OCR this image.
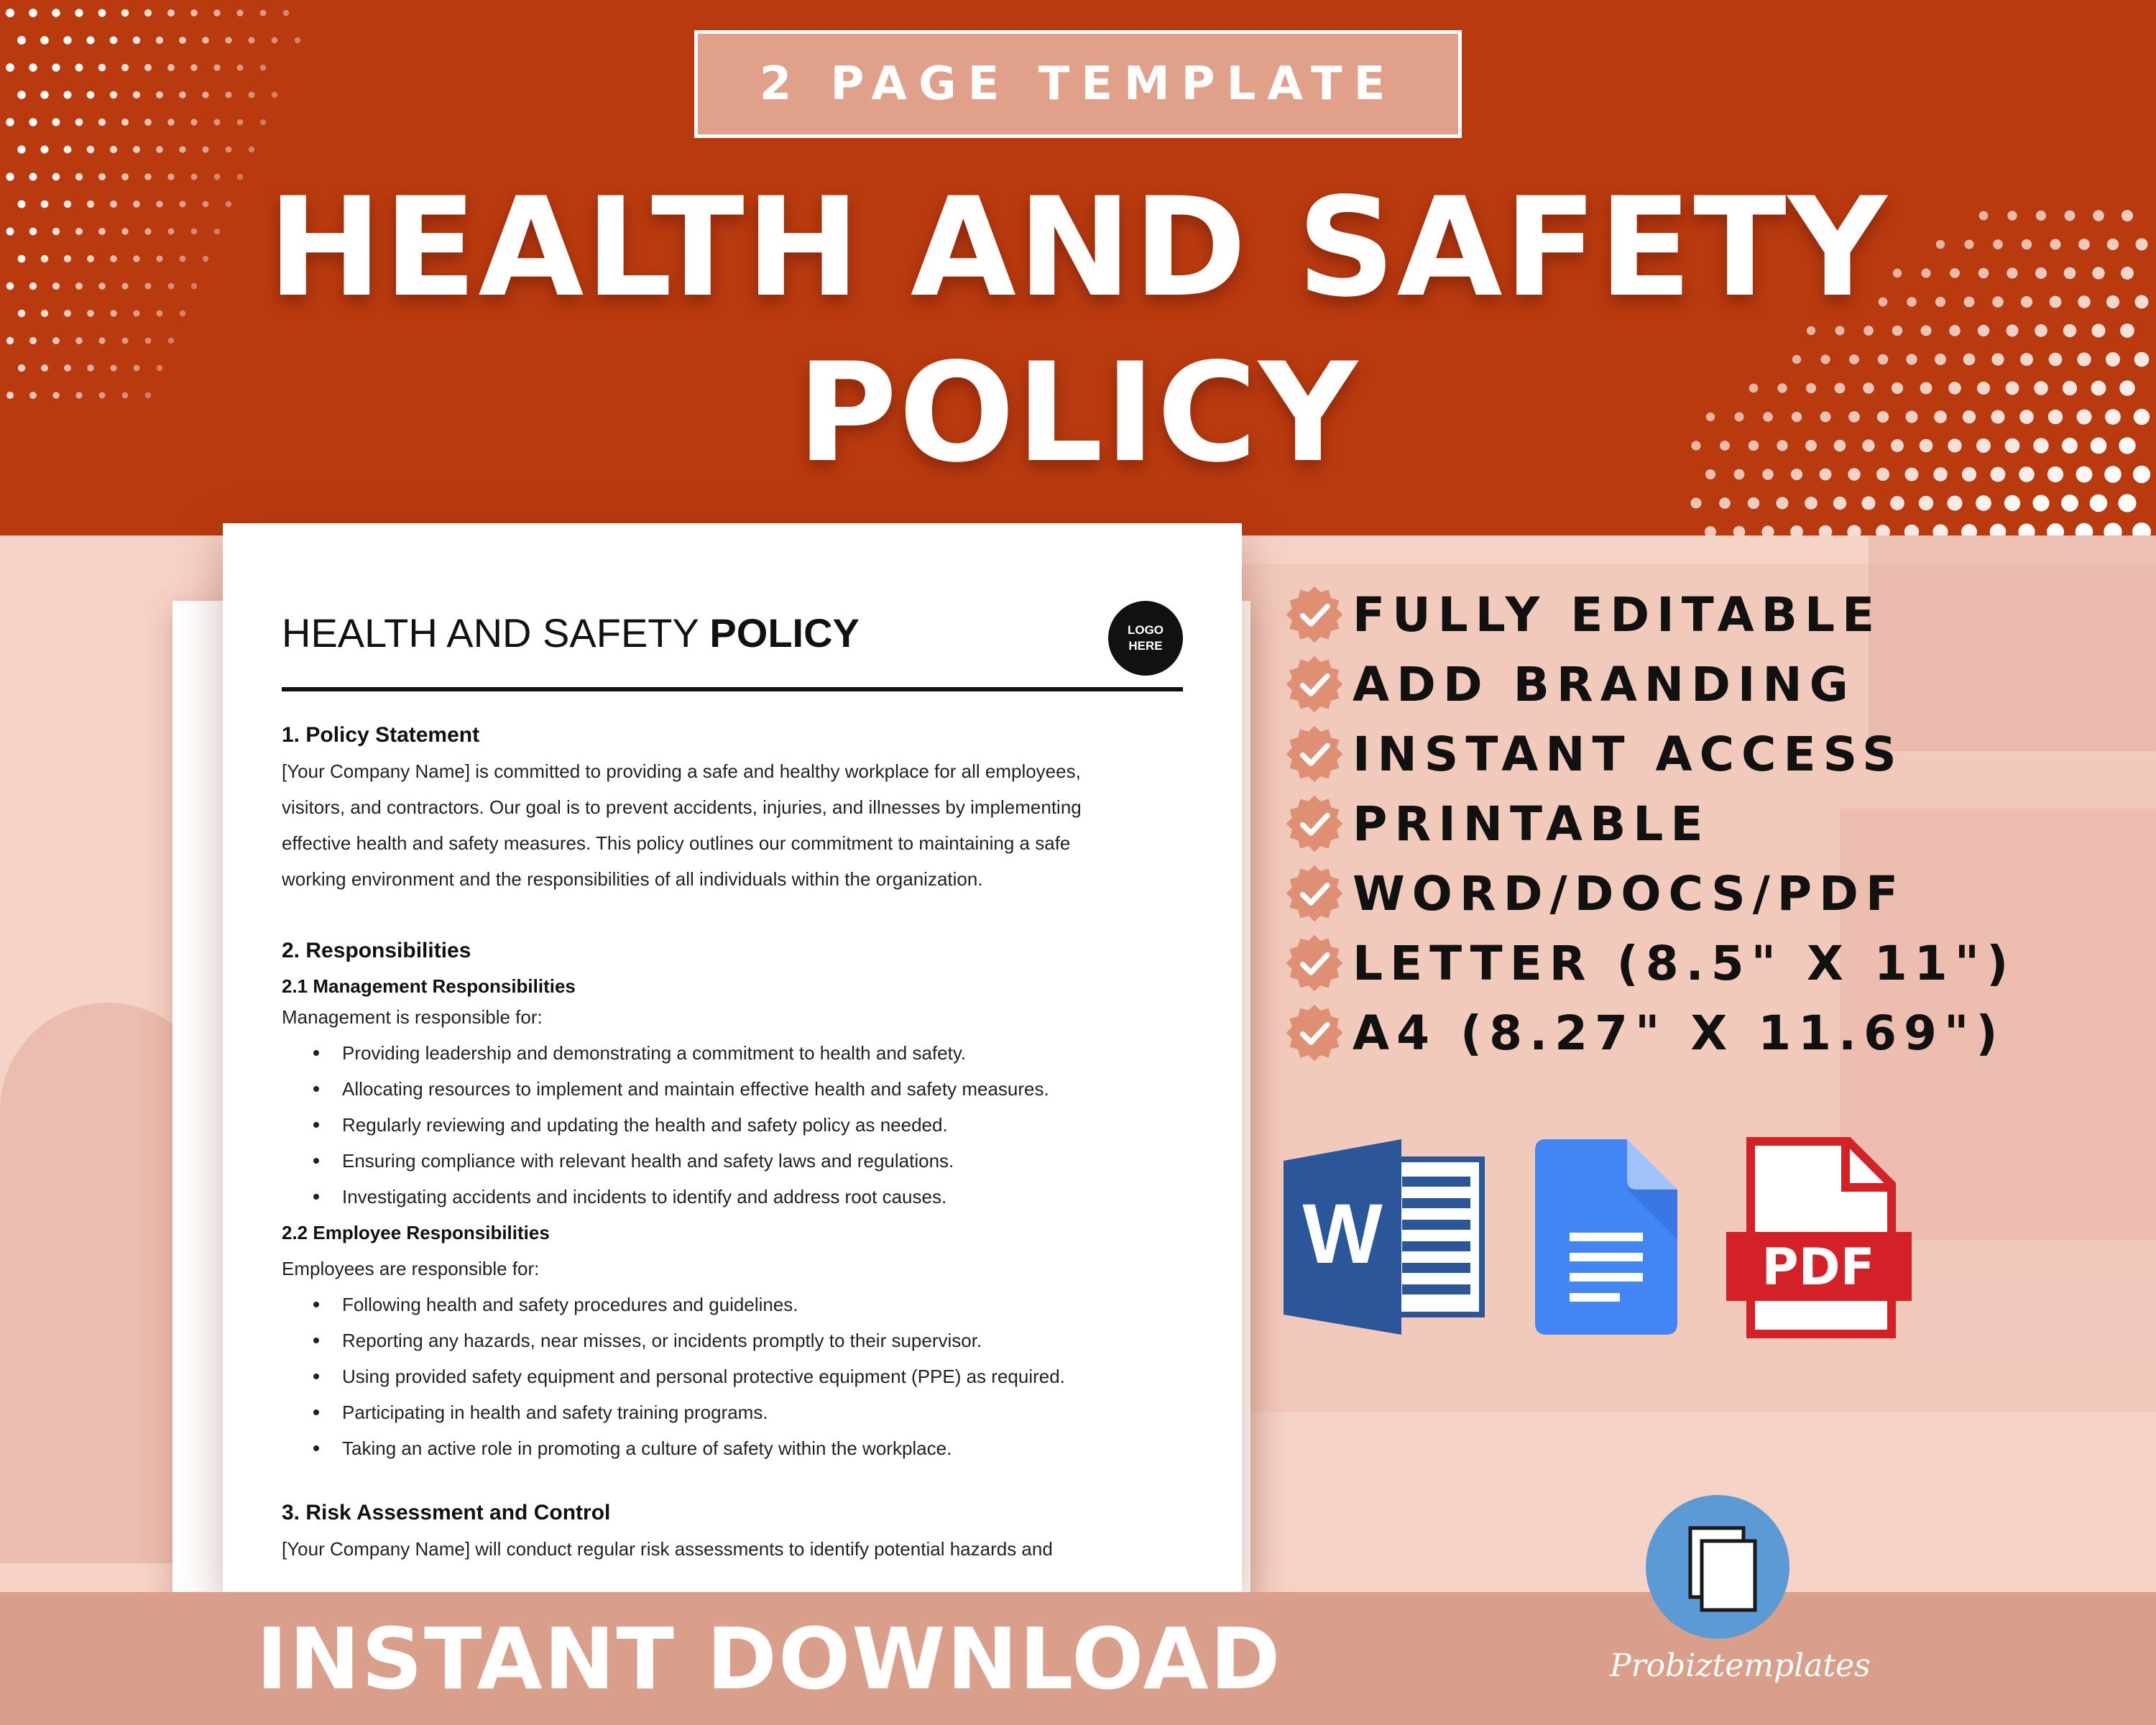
2 PAGE TEMPLATE
HEALTH AND SAFETY
POLICY
HEALTH AND SAFETY POLICY	LOGO
HERE
1. Policy Statement
[Your Company Name] is committed to providing a safe and healthy workplace for all employees,
visitors, and contractors. Our goal is to prevent accidents, injuries, and illnesses by implementing
effective health and safety measures. This policy outlines our commitment to maintaining a safe
working environment and the responsibilities of all individuals within the organization.
2. Responsibilities
2.1 Management Responsibilities
Management is responsible for:
Providing leadership and demonstrating a commitment to health and safety.
Allocating resources to implement and maintain effective health and safety measures.
Regularly reviewing and updating the health and safety policy as needed.
Ensuring compliance with relevant health and safety laws and regulations.
Investigating accidents and incidents to identify and address root causes.
2.2 Employee Responsibilities
Employees are responsible for:
Following health and safety procedures and guidelines.
Reporting any hazards, near misses, or incidents promptly to their supervisor.
Using provided safety equipment and personal protective equipment (PPE) as required.
Participating in health and safety training programs.
Taking an active role in promoting a culture of safety within the workplace.
3. Risk Assessment and Control
[Your Company Name] will conduct regular risk assessments to identify potential hazards and
FULLY EDITABLE
ADD BRANDING
INSTANT ACCESS
PRINTABLE
WORD/DOCS/PDF
LETTER (8.5" X 11")
A4 (8.27" X 11.69")
W	PDF
INSTANT DOWNLOAD	Probiztemplates
